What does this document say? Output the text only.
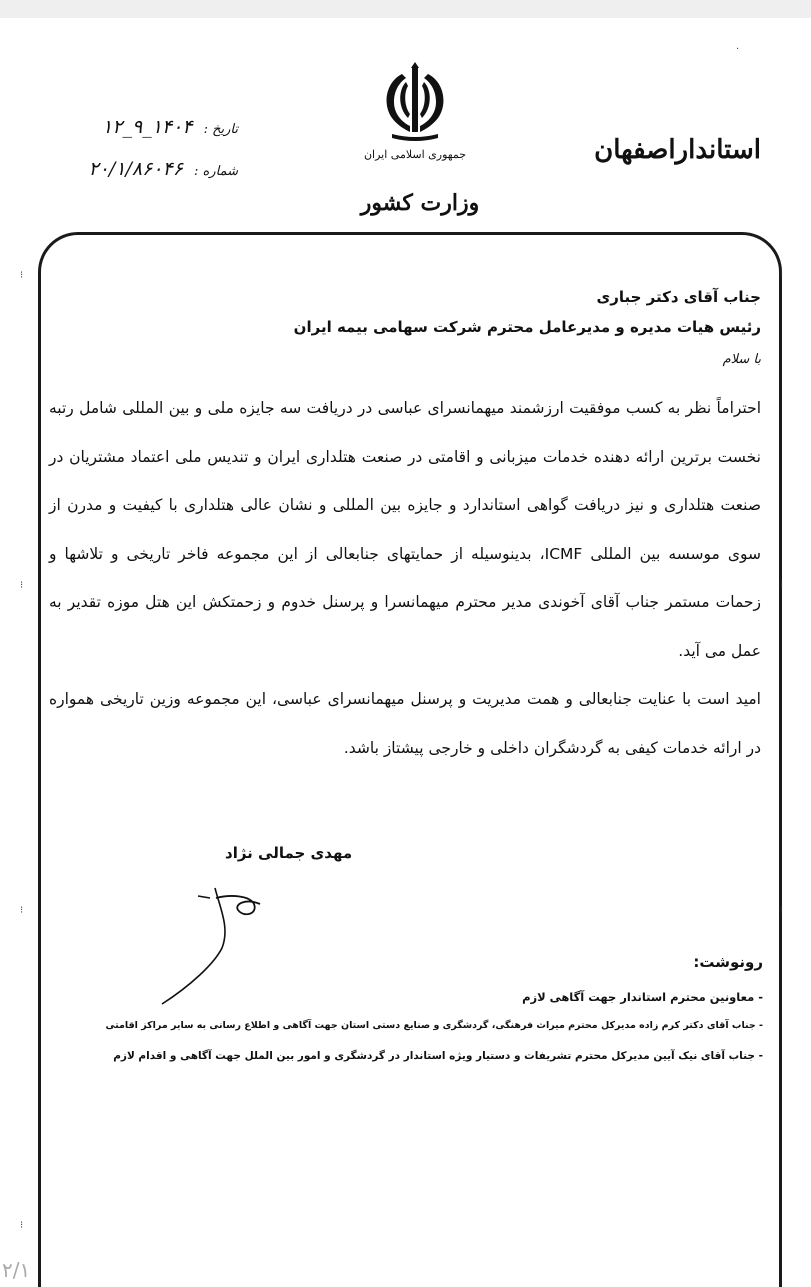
استانداراصفهان
جمهوری اسلامی ایران
وزارت کشور
تاریخ : ۱۴۰۴_۹_۱۲
شماره : ۲۰/۱/۸۶۰۴۶
جناب آقای دکتر جباری
رئیس هیات مدیره و مدیرعامل محترم شرکت سهامی بیمه ایران
با سلام

احتراماً نظر به کسب موفقیت ارزشمند میهمانسرای عباسی در دریافت سه جایزه ملی و بین المللی شامل رتبه نخست برترین ارائه دهنده خدمات میزبانی و اقامتی در صنعت هتلداری ایران و تندیس ملی اعتماد مشتریان در صنعت هتلداری و نیز دریافت گواهی استاندارد و جایزه بین المللی و نشان عالی هتلداری با کیفیت و مدرن از سوی موسسه بین المللی ICMF، بدینوسیله از حمایتهای جنابعالی از این مجموعه فاخر تاریخی و تلاشها و زحمات مستمر جناب آقای آخوندی مدیر محترم میهمانسرا و پرسنل خدوم و زحمتکش این هتل موزه تقدیر به عمل می آید.

امید است با عنایت جنابعالی و همت مدیریت و پرسنل میهمانسرای عباسی، این مجموعه وزین تاریخی همواره در ارائه خدمات کیفی به گردشگران داخلی و خارجی پیشتاز باشد.

مهدی جمالی نژاد
رونوشت:
- معاونین محترم استاندار جهت آگاهی لازم
- جناب آقای دکتر کرم زاده مدیرکل محترم میراث فرهنگی، گردشگری و صنایع دستی استان جهت آگاهی و اطلاع رسانی به سایر مراکز اقامتی
- جناب آقای نیک آیین مدیرکل محترم تشریفات و دستیار ویژه استاندار در گردشگری و امور بین الملل جهت آگاهی و اقدام لازم
·
⁝
⁝
⁝
⁝
⁝
⁝
⁝
۲/۱
